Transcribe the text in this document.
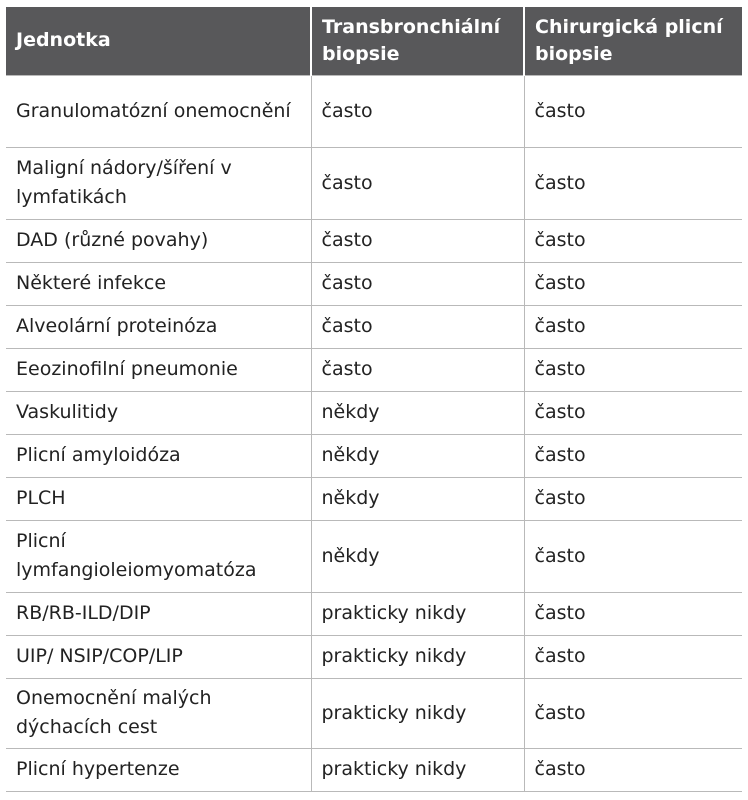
Jednotka	Transbronchiální biopsie	Chirurgická plicní biopsie
Granulomatózní onemocnění	často	často
Maligní nádory/šíření v lymfatikách	často	často
DAD (různé povahy)	často	často
Některé infekce	často	často
Alveolární proteinóza	často	často
Eeozinofilní pneumonie	často	často
Vaskulitidy	někdy	často
Plicní amyloidóza	někdy	často
PLCH	někdy	často
Plicní lymfangioleiomyomatóza	někdy	často
RB/RB-ILD/DIP	prakticky nikdy	často
UIP/ NSIP/COP/LIP	prakticky nikdy	často
Onemocnění malých dýchacích cest	prakticky nikdy	často
Plicní hypertenze	prakticky nikdy	často
